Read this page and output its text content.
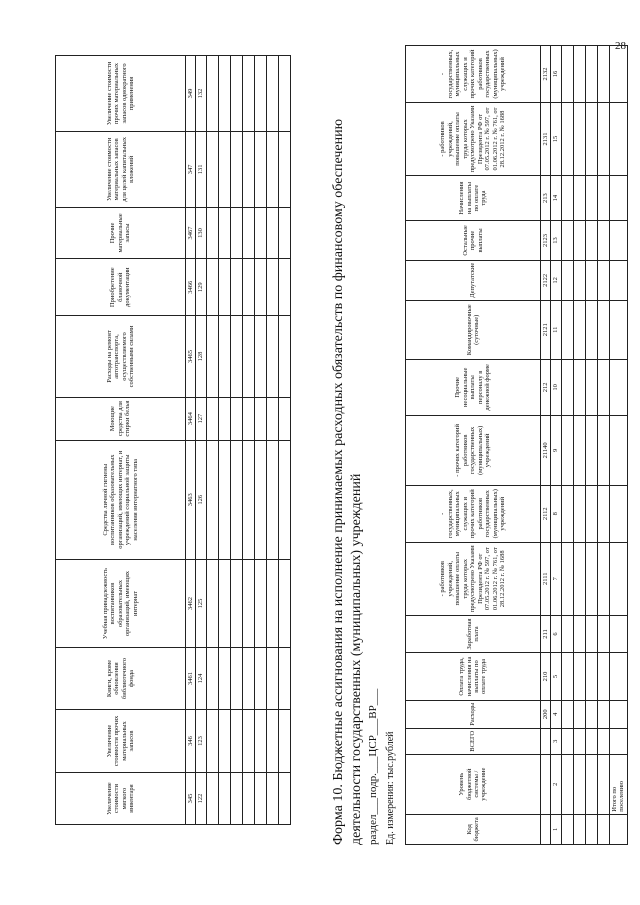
28
Увеличение стоимости мягкого инвентаря	Увеличение стоимости прочих материальных запасов	Книги, кроме обновления библиотечного фонда	Учебная принадлежность воспитанников образовательных организаций, имеющих интернат	Средства личной гигиены воспитанников образовательных организаций, имеющих интернат, и учреждений социальной защиты населения интернатного типа	Моющие средства для стирки белья	Расходы на ремонт автотранспорта, осуществляемого собственными силами	Приобретение бланочной документации	Прочие материальные запасы	Увеличение стоимости материальных запасов для целей капитальных вложений	Увеличение стоимости прочих материальных запасов однократного применения
345	346	3461	3462	3463	3464	3465	3466	3467	347	349
122	123	124	125	126	127	128	129	130	131	132

Форма 10. Бюджетные ассигнования на исполнение принимаемых расходных обязательств по финансовому обеспечению деятельности государственных (муниципальных) учреждений раздел___подр.___ЦСР___ВР___ Ед. измерения: тыс.рублей	Код бюджета	Уровень бюджетной системы / учреждение	ВСЕГО	Расходы	Оплата труда, начисления на выплаты по оплате труда	Заработная плата	- работников учреждений, повышение оплаты труда которых предусмотрено Указами Президента РФ от 07.05.2012 г. № 597, от 01.06.2012 г. № 761, от 28.12.2012 г. № 1688	- государственных, муниципальных служащих и прочих категорий работников государственных (муниципальных) учреждений	- прочих категорий работников государственных (муниципальных) учреждений	Прочие несоциальные выплаты персоналу в денежной форме	Командировочные (суточные)	Депутатские	Остальные прочие выплаты	Начисления на выплаты по оплате труда	- работников учреждений, повышение оплаты труда которых предусмотрено Указами Президента РФ от 07.05.2012 г. № 597, от 01.06.2012 г. № 761, от 28.12.2012 г. № 1688	- государственных, муниципальных служащих и прочих категорий работников государственных (муниципальных) учреждений

			200	210	211	2111	2112	21140	212	2121	2122	2123	213	2131	2132
1	2	3	4	5	6	7	8	9	10	11	12	13	14	15	16

	Итого по поселению														
